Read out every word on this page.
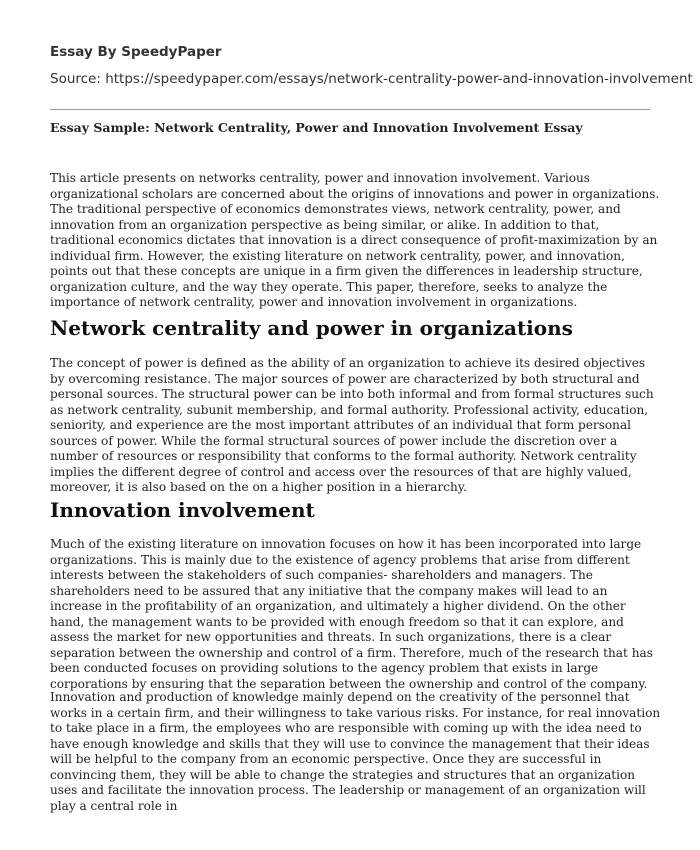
Essay By SpeedyPaper
Source: https://speedypaper.com/essays/network-centrality-power-and-innovation-involvement
Essay Sample: Network Centrality, Power and Innovation Involvement Essay

This article presents on networks centrality, power and innovation involvement. Various organizational scholars are concerned about the origins of innovations and power in organizations. The traditional perspective of economics demonstrates views, network centrality, power, and innovation from an organization perspective as being similar, or alike. In addition to that, traditional economics dictates that innovation is a direct consequence of profit-maximization by an individual firm. However, the existing literature on network centrality, power, and innovation, points out that these concepts are unique in a firm given the differences in leadership structure, organization culture, and the way they operate. This paper, therefore, seeks to analyze the importance of network centrality, power and innovation involvement in organizations.

Network centrality and power in organizations

The concept of power is defined as the ability of an organization to achieve its desired objectives by overcoming resistance. The major sources of power are characterized by both structural and personal sources. The structural power can be into both informal and from formal structures such as network centrality, subunit membership, and formal authority. Professional activity, education, seniority, and experience are the most important attributes of an individual that form personal sources of power. While the formal structural sources of power include the discretion over a number of resources or responsibility that conforms to the formal authority. Network centrality implies the different degree of control and access over the resources of that are highly valued, moreover, it is also based on the on a higher position in a hierarchy.

Innovation involvement

Much of the existing literature on innovation focuses on how it has been incorporated into large organizations. This is mainly due to the existence of agency problems that arise from different interests between the stakeholders of such companies- shareholders and managers. The shareholders need to be assured that any initiative that the company makes will lead to an increase in the profitability of an organization, and ultimately a higher dividend. On the other hand, the management wants to be provided with enough freedom so that it can explore, and assess the market for new opportunities and threats. In such organizations, there is a clear separation between the ownership and control of a firm. Therefore, much of the research that has been conducted focuses on providing solutions to the agency problem that exists in large corporations by ensuring that the separation between the ownership and control of the company.

Innovation and production of knowledge mainly depend on the creativity of the personnel that works in a certain firm, and their willingness to take various risks. For instance, for real innovation to take place in a firm, the employees who are responsible with coming up with the idea need to have enough knowledge and skills that they will use to convince the management that their ideas will be helpful to the company from an economic perspective. Once they are successful in convincing them, they will be able to change the strategies and structures that an organization uses and facilitate the innovation process. The leadership or management of an organization will play a central role in
